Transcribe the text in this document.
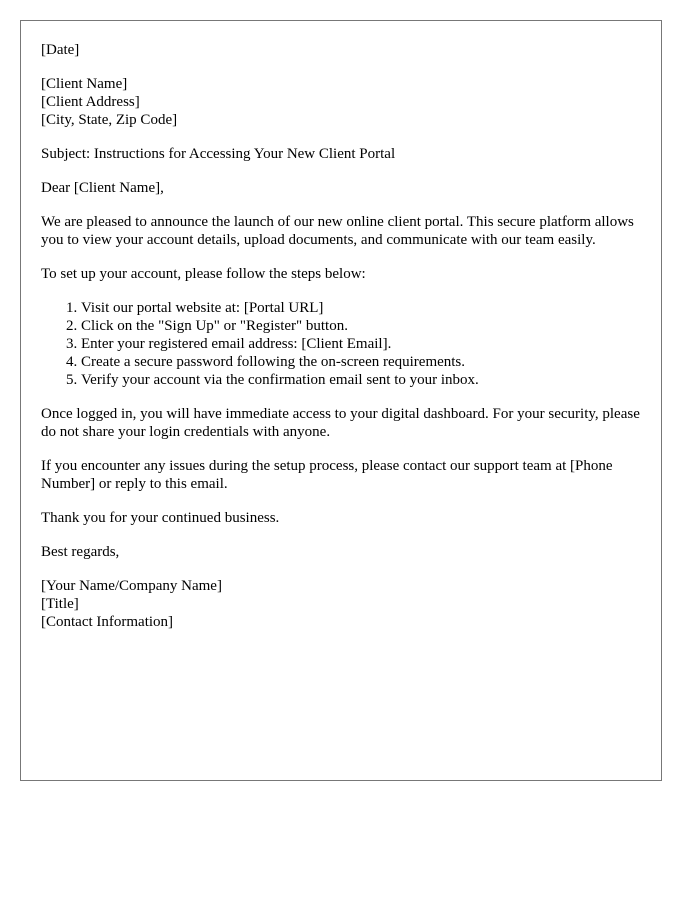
[Date]

[Client Name]
[Client Address]
[City, State, Zip Code]

Subject: Instructions for Accessing Your New Client Portal

Dear [Client Name],

We are pleased to announce the launch of our new online client portal. This secure platform allows you to view your account details, upload documents, and communicate with our team easily.

To set up your account, please follow the steps below:

1. Visit our portal website at: [Portal URL]
2. Click on the "Sign Up" or "Register" button.
3. Enter your registered email address: [Client Email].
4. Create a secure password following the on-screen requirements.
5. Verify your account via the confirmation email sent to your inbox.

Once logged in, you will have immediate access to your digital dashboard. For your security, please do not share your login credentials with anyone.

If you encounter any issues during the setup process, please contact our support team at [Phone Number] or reply to this email.

Thank you for your continued business.

Best regards,

[Your Name/Company Name]
[Title]
[Contact Information]
